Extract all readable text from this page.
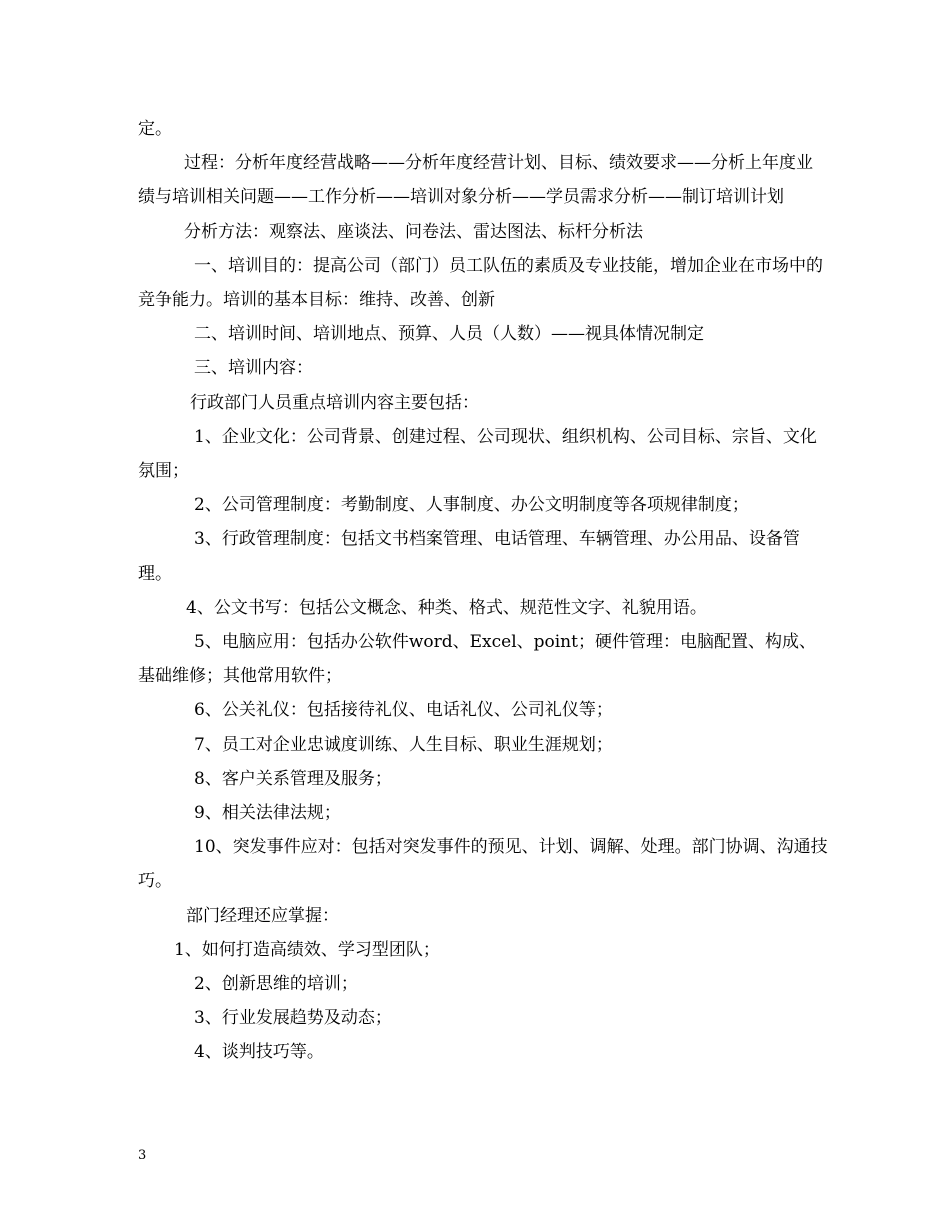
定。

过程：分析年度经营战略——分析年度经营计划、目标、绩效要求——分析上年度业绩与培训相关问题——工作分析——培训对象分析——学员需求分析——制订培训计划

分析方法：观察法、座谈法、问卷法、雷达图法、标杆分析法

一、培训目的：提高公司（部门）员工队伍的素质及专业技能，增加企业在市场中的竞争能力。培训的基本目标：维持、改善、创新

二、培训时间、培训地点、预算、人员（人数）——视具体情况制定

三、培训内容：

行政部门人员重点培训内容主要包括：

1、企业文化：公司背景、创建过程、公司现状、组织机构、公司目标、宗旨、文化氛围；

2、公司管理制度：考勤制度、人事制度、办公文明制度等各项规律制度；

3、行政管理制度：包括文书档案管理、电话管理、车辆管理、办公用品、设备管理。

4、公文书写：包括公文概念、种类、格式、规范性文字、礼貌用语。

5、电脑应用：包括办公软件word、Excel、point；硬件管理：电脑配置、构成、基础维修；其他常用软件；

6、公关礼仪：包括接待礼仪、电话礼仪、公司礼仪等；

7、员工对企业忠诚度训练、人生目标、职业生涯规划；

8、客户关系管理及服务；

9、相关法律法规；

10、突发事件应对：包括对突发事件的预见、计划、调解、处理。部门协调、沟通技巧。

部门经理还应掌握：

1、如何打造高绩效、学习型团队；

2、创新思维的培训；

3、行业发展趋势及动态；

4、谈判技巧等。

3
